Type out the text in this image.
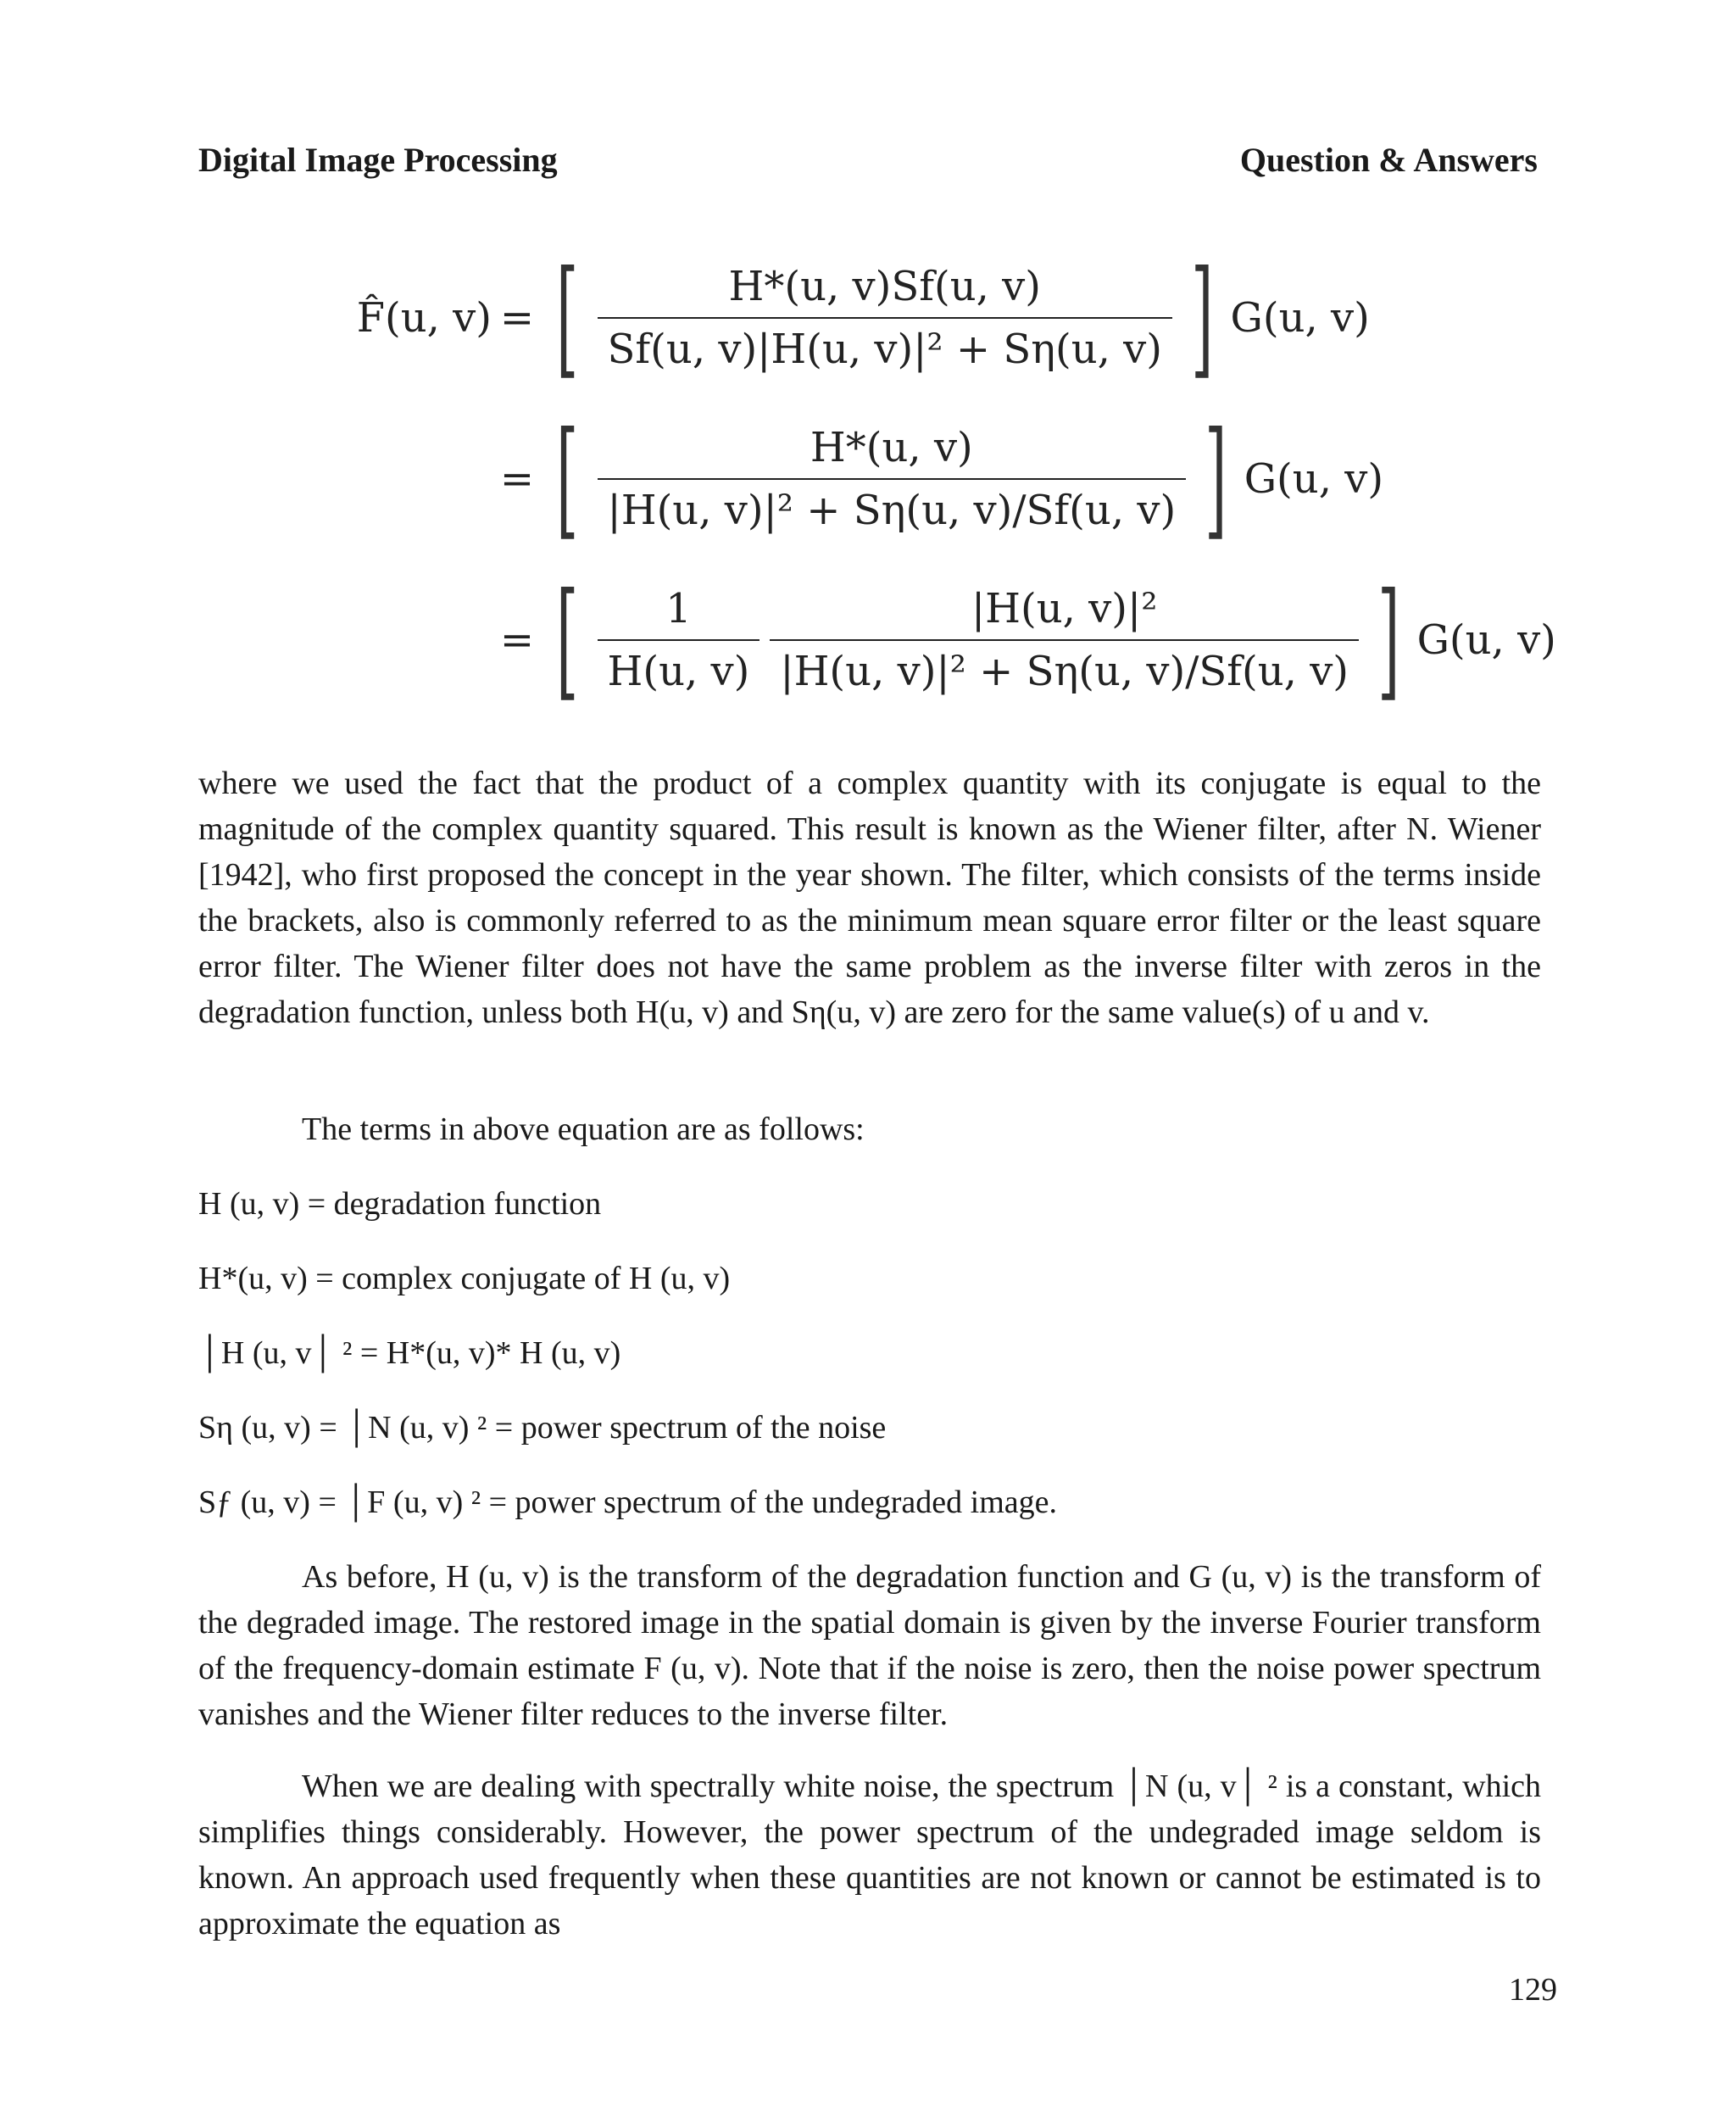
Digital Image Processing	Question & Answers
F̂(u, v) = [ $\frac{H*(u, v)Sf(u, v)}{\text{Sf(u, v)|H(u, v)|² + Sη(u, v)}}$ ] G(u, v)
= [ $\frac{H*(u, v)}{\text{|H(u, v)|² + Sη(u, v)/Sf(u, v)}}$ ] G(u, v)
= [ $\frac{1}{H(u, v)} \frac{\text{|H(u, v)|²}}{\text{|H(u, v)|² + Sη(u, v)/Sf(u, v)}}$ ] G(u, v)

where we used the fact that the product of a complex quantity with its conjugate is equal to the magnitude of the complex quantity squared. This result is known as the Wiener filter, after N. Wiener [1942], who first proposed the concept in the year shown. The filter, which consists of the terms inside the brackets, also is commonly referred to as the minimum mean square error filter or the least square error filter. The Wiener filter does not have the same problem as the inverse filter with zeros in the degradation function, unless both H(u, v) and Sη(u, v) are zero for the same value(s) of u and v.

The terms in above equation are as follows:

H (u, v) = degradation function
H*(u, v) = complex conjugate of H (u, v)
│H (u, v│ ² = H*(u, v)* H (u, v)
Sη (u, v) = │N (u, v) ² = power spectrum of the noise
Sƒ (u, v) = │F (u, v) ² = power spectrum of the undegraded image.

As before, H (u, v) is the transform of the degradation function and G (u, v) is the transform of the degraded image. The restored image in the spatial domain is given by the inverse Fourier transform of the frequency-domain estimate F (u, v). Note that if the noise is zero, then the noise power spectrum vanishes and the Wiener filter reduces to the inverse filter.

When we are dealing with spectrally white noise, the spectrum │N (u, v│ ² is a constant, which simplifies things considerably. However, the power spectrum of the undegraded image seldom is known. An approach used frequently when these quantities are not known or cannot be estimated is to approximate the equation as

129
